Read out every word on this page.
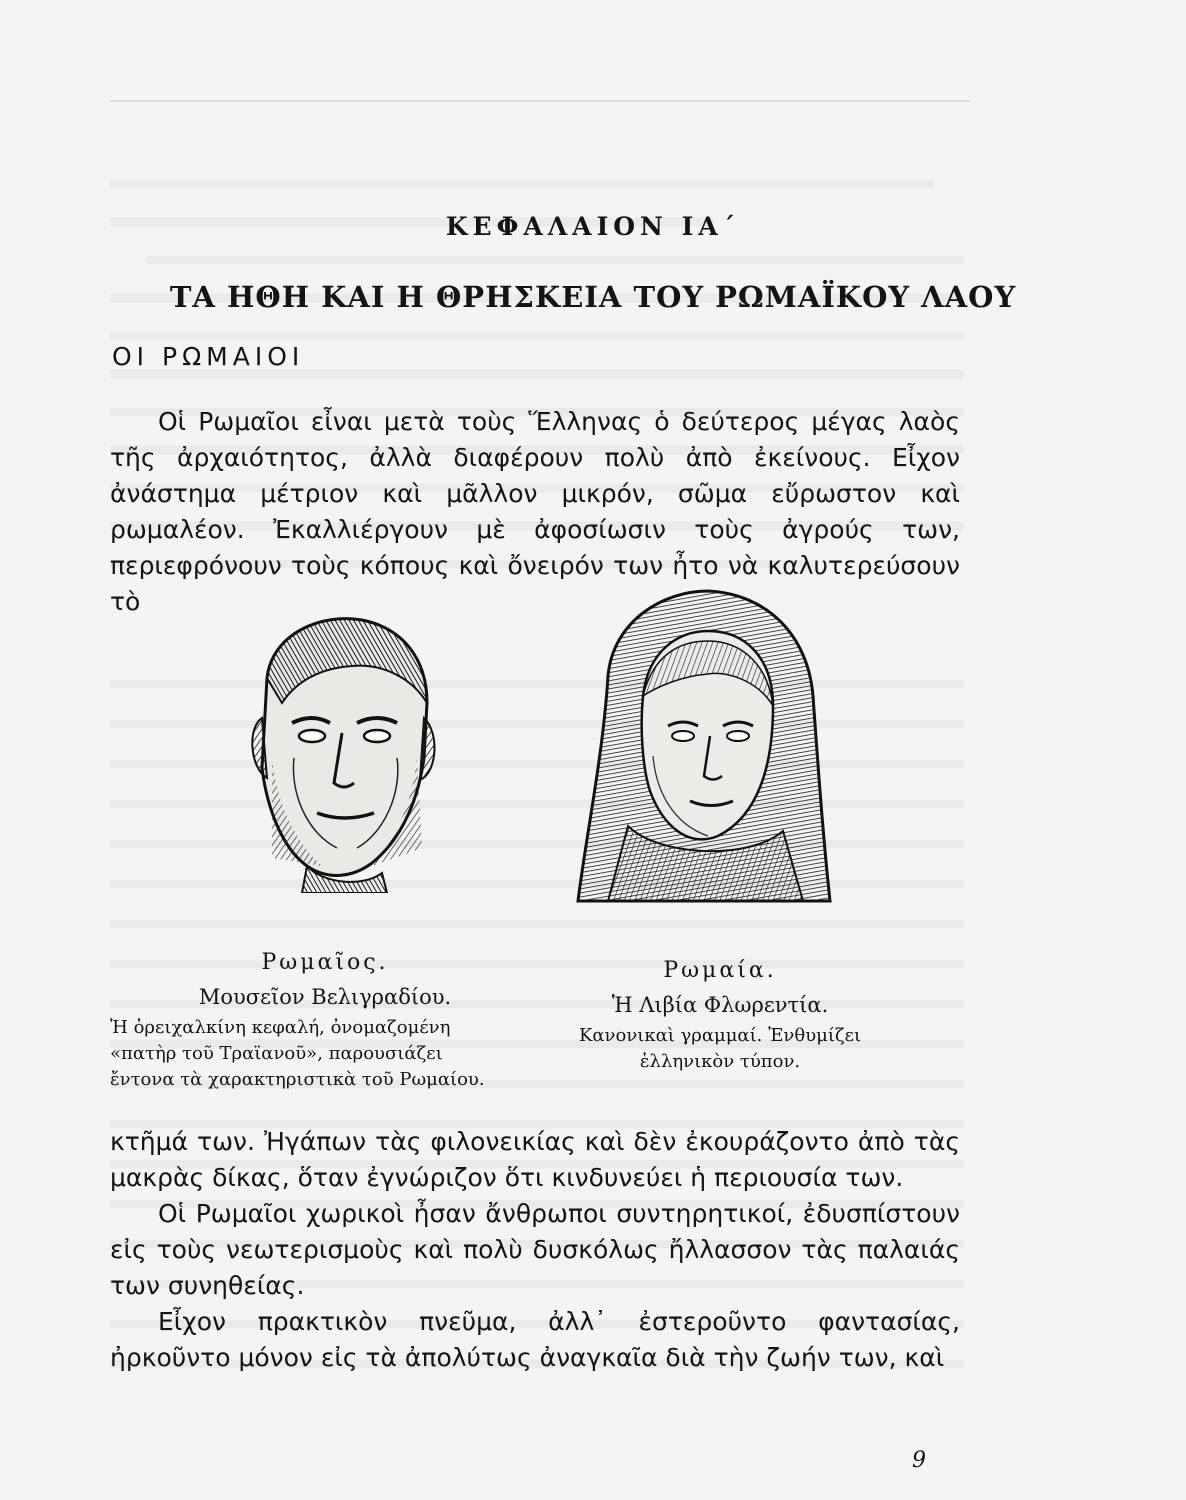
ΚΕΦΑΛΑΙΟΝ ΙΑ΄
ΤΑ ΗΘΗ ΚΑΙ Η ΘΡΗΣΚΕΙΑ ΤΟΥ ΡΩΜΑΪΚΟΥ ΛΑΟΥ
ΟΙ ΡΩΜΑΙΟΙ

Οἱ Ρωμαῖοι εἶναι μετὰ τοὺς Ἕλληνας ὁ δεύτερος μέγας λαὸς τῆς ἀρχαιότητος, ἀλλὰ διαφέρουν πολὺ ἀπὸ ἐκείνους. Εἶχον ἀνάστημα μέτριον καὶ μᾶλλον μικρόν, σῶμα εὔρωστον καὶ ρωμαλέον. Ἐκαλλιέργουν μὲ ἀφοσίωσιν τοὺς ἀγρούς των, περιεφρόνουν τοὺς κόπους καὶ ὄνειρόν των ἦτο νὰ καλυτερεύσουν τὸ

Ρωμαῖος.
Μουσεῖον Βελιγραδίου.
Ἡ ὀρειχαλκίνη κεφαλή, ὀνομαζομένη «πατὴρ τοῦ Τραϊανοῦ», παρουσιάζει ἔντονα τὰ χαρακτηριστικὰ τοῦ Ρωμαίου.
Ρωμαία.
Ἡ Λιβία Φλωρεντία.
Κανονικαὶ γραμμαί. Ἐνθυμίζει ἑλληνικὸν τύπον.

κτῆμά των. Ἠγάπων τὰς φιλονεικίας καὶ δὲν ἐκουράζοντο ἀπὸ τὰς μακρὰς δίκας, ὅταν ἐγνώριζον ὅτι κινδυνεύει ἡ περιουσία των.

Οἱ Ρωμαῖοι χωρικοὶ ἦσαν ἄνθρωποι συντηρητικοί, ἐδυσπίστουν εἰς τοὺς νεωτερισμοὺς καὶ πολὺ δυσκόλως ἤλλασσον τὰς παλαιάς των συνηθείας.

Εἶχον πρακτικὸν πνεῦμα, ἀλλ᾽ ἐστεροῦντο φαντασίας, ἠρκοῦντο μόνον εἰς τὰ ἀπολύτως ἀναγκαῖα διὰ τὴν ζωήν των, καὶ

9
